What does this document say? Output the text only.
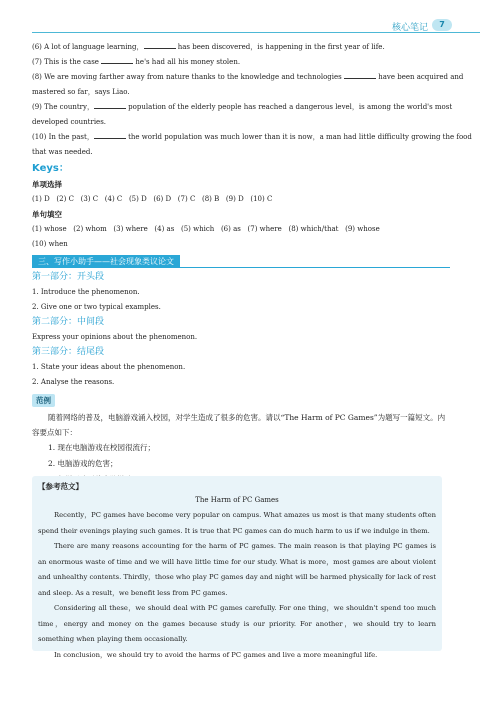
核心笔记	7
(6) A lot of language learning，	has been discovered，is happening in the first year of life.
(7) This is the case	he's had all his money stolen.
(8) We are moving farther away from nature thanks to the knowledge and technologies	have been acquired and
mastered so far，says Liao.
(9) The country，	population of the elderly people has reached a dangerous level，is among the world's most
developed countries.
(10) In the past，	the world population was much lower than it is now，a man had little difficulty growing the food
that was needed.
Keys：
单项选择
(1) D   (2) C   (3) C   (4) C   (5) D   (6) D   (7) C   (8) B   (9) D   (10) C
单句填空
(1) whose   (2) whom   (3) where   (4) as   (5) which   (6) as   (7) where   (8) which/that   (9) whose
(10) when
三、写作小助手——社会现象类议论文
第一部分：开头段
1. Introduce the phenomenon.
2. Give one or two typical examples.
第二部分：中间段
Express your opinions about the phenomenon.
第三部分：结尾段
1. State your ideas about the phenomenon.
2. Analyse the reasons.
范例
随着网络的普及，电脑游戏涌入校园，对学生造成了很多的危害。请以“The Harm of PC Games”为题写一篇短文。内容要点如下：
1. 现在电脑游戏在校园很流行；
2. 电脑游戏的危害；
【参考范文】
The Harm of PC Games

Recently，PC games have become very popular on campus. What amazes us most is that many students often spend their evenings playing such games. It is true that PC games can do much harm to us if we indulge in them.

There are many reasons accounting for the harm of PC games. The main reason is that playing PC games is an enormous waste of time and we will have little time for our study. What is more，most games are about violent and unhealthy contents. Thirdly，those who play PC games day and night will be harmed physically for lack of rest and sleep. As a result，we benefit less from PC games.

Considering all these，we should deal with PC games carefully. For one thing，we shouldn't spend too much time，energy and money on the games because study is our priority. For another，we should try to learn something when playing them occasionally.

In conclusion，we should try to avoid the harms of PC games and live a more meaningful life.
